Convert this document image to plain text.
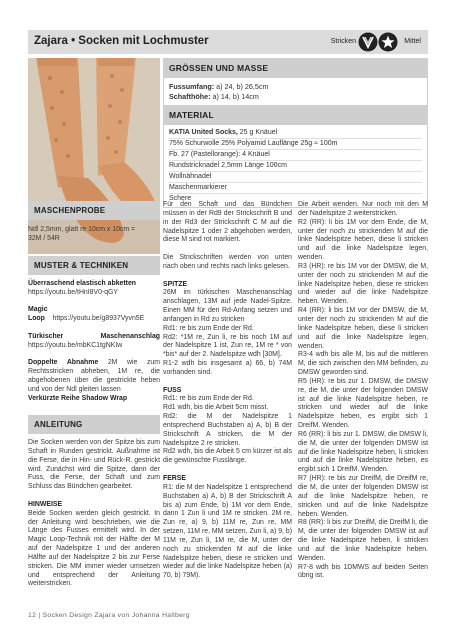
Zajara • Socken mit Lochmuster	Stricken	Mittel
GRÖSSEN UND MASSE
Fussumfang: a) 24, b) 26,5cm
Schafthöhe: a) 14, b) 14cm
MATERIAL
KATIA United Socks, 25 g Knäuel
75% Schurwolle 25% Polyamid Lauflänge 25g ≈ 100m
Fb. 27 (Pastellorange): 4 Knäuel
Rundstricknadel 2,5mm Länge 100cm
Wollnähnadel
Maschenmarkierer
Schere
MASCHENPROBE
Ndl 2,5mm, glatt re 10cm x 10cm = 32M / 54R
MUSTER & TECHNIKEN
Überraschend elastisch abketten
https://youtu.be/tHnI8V0-qGY
Magic Loop https://youtu.be/g8937Vyvn5E
Türkischer Maschenanschlag https://youtu.be/mbKC1tgNKIw
Doppelte Abnahme 2M wie zum Rechtsstricken abheben, 1M re, die abgehobenen über die gestrickte heben und von der Ndl gleiten lassen
Verkürzte Reihe Shadow Wrap
ANLEITUNG

Die Socken werden von der Spitze bis zum Schaft in Runden gestrickt. Außnahme ist die Ferse, die in Hin- und Rück-R. gestrickt wird. Zunächst wird die Spitze, dann der Fuss, die Ferse, der Schaft und zum Schluss das Bündchen gearbeitet.

HINWEISE
Beide Socken werden gleich gestrickt. In der Anleitung wird beschrieben, wie die Länge des Fusses ermittelt wird. In der Magic Loop-Technik mit der Hälfte der M auf der Nadelspitze 1 und der anderen Hälfte auf der Nadelspitze 2 bis zur Ferse stricken. Die MM immer wieder umsetzen und entsprechend der Anleitung weiterstricken.

Für den Schaft und das Bündchen müssen in der Rd9 der Strickschrift B und in der Rd3 der Strickschrift C M auf die Nadelspitze 1 oder 2 abgehoben werden, diese M sind rot markiert.

Die Strickschriften werden von unten nach oben und rechts nach links gelesen.

SPITZE
26M im türkischen Maschenanschlag anschlagen, 13M auf jede Nadel-Spitze. Einen MM für den Rd-Anfang setzen und anfangen in Rd zu stricken
Rd1: re bis zum Ende der Rd.
Rd2: *1M re, Zun li, re bis noch 1M auf der Nadelspitze 1 ist, Zun re, 1M re * von *bis* auf der 2. Nadelspitze wdh [30M].

R1-2 wdh bis insgesamt a) 66, b) 74M vorhanden sind.

FUSS
Rd1: re bis zum Ende der Rd.
Rd1 wdh, bis die Arbeit 5cm misst.
Rd2: die M der Nadelspitze 1 entsprechend Buchstaben a) A, b) B der Strickschrift A stricken, die M der Nadelspitze 2 re stricken.

Rd2 wdh, bis die Arbeit 5 cm kürzer ist als die gewünschte Fusslänge.

FERSE
R1: die M der Nadelspitze 1 entsprechend Buchstaben a) A, b) B der Strickschrift A bis a) zum Ende, b) 1M vor dem Ende, dann 1 Zun li und 1M re stricken. 2M re, Zun re, a) 9, b) 11M re, Zun re, MM setzen, 11M re, MM setzen, Zun li, a) 9, b) 11M re, Zun li, 1M re, die M, unter der noch zu strickenden M auf die linke Nadelspitze heben, diese re stricken und wieder auf die linke Nadelspitze heben (a) 70, b) 79M).
Die Arbeit wenden. Nur noch mit den M der Nadelspitze 2 weiterstricken.
R2 (RR): li bis 1M vor dem Ende, die M, unter der noch zu strickenden M auf die linke Nadelspitze heben, diese li stricken und auf die linke Nadelspitze legen, wenden.
R3 (HR): re bis 1M vor der DMSW, die M, unter der noch zu strickenden M auf die linke Nadelspitze heben, diese re stricken und wieder auf die linke Nadelspitze heben. Wenden.
R4 (RR): li bis 1M vor der DMSW, die M, unter der noch zu strickenden M auf die linke Nadelspitze heben, diese li stricken und auf die linke Nadelspitze legen, wenden.
R3-4 wdh bis alle M, bis auf die mittleren M, die sich zwischen den MM befinden, zu DMSW geworden sind.
R5 (HR): re bis zur 1. DMSW, die DMSW re, die M, die unter der folgenden DMSW ist auf die linke Nadelspitze heben, re stricken und wieder auf die linke Nadelspitze heben, es ergibt sich 1 DreifM. Wenden.
R6 (RR): li bis zur 1. DMSW, die DMSW li, die M, die unter der folgenden DMSW ist auf die linke Nadelspitze heben, li stricken und auf die linke Nadelspitze heben, es ergibt sich 1 DreifM. Wenden.
R7 (HR): re bis zur DreifM, die DreifM re, die M, die unter der folgenden DMSW ist auf die linke Nadelspitze heben, re stricken und auf die linke Nadelspitze heben. Wenden.
R8 (RR): li bis zur DreifM, die DreifM li, die M, die unter der folgenden DMSW ist auf die linke Nadelspitze heben, li stricken und auf die linke Nadelspitze heben. Wenden.
R7-8 wdh bis 1DMWS auf beiden Seiten übrig ist.
12 | Socken Design Zajara von Johanna Hallberg
